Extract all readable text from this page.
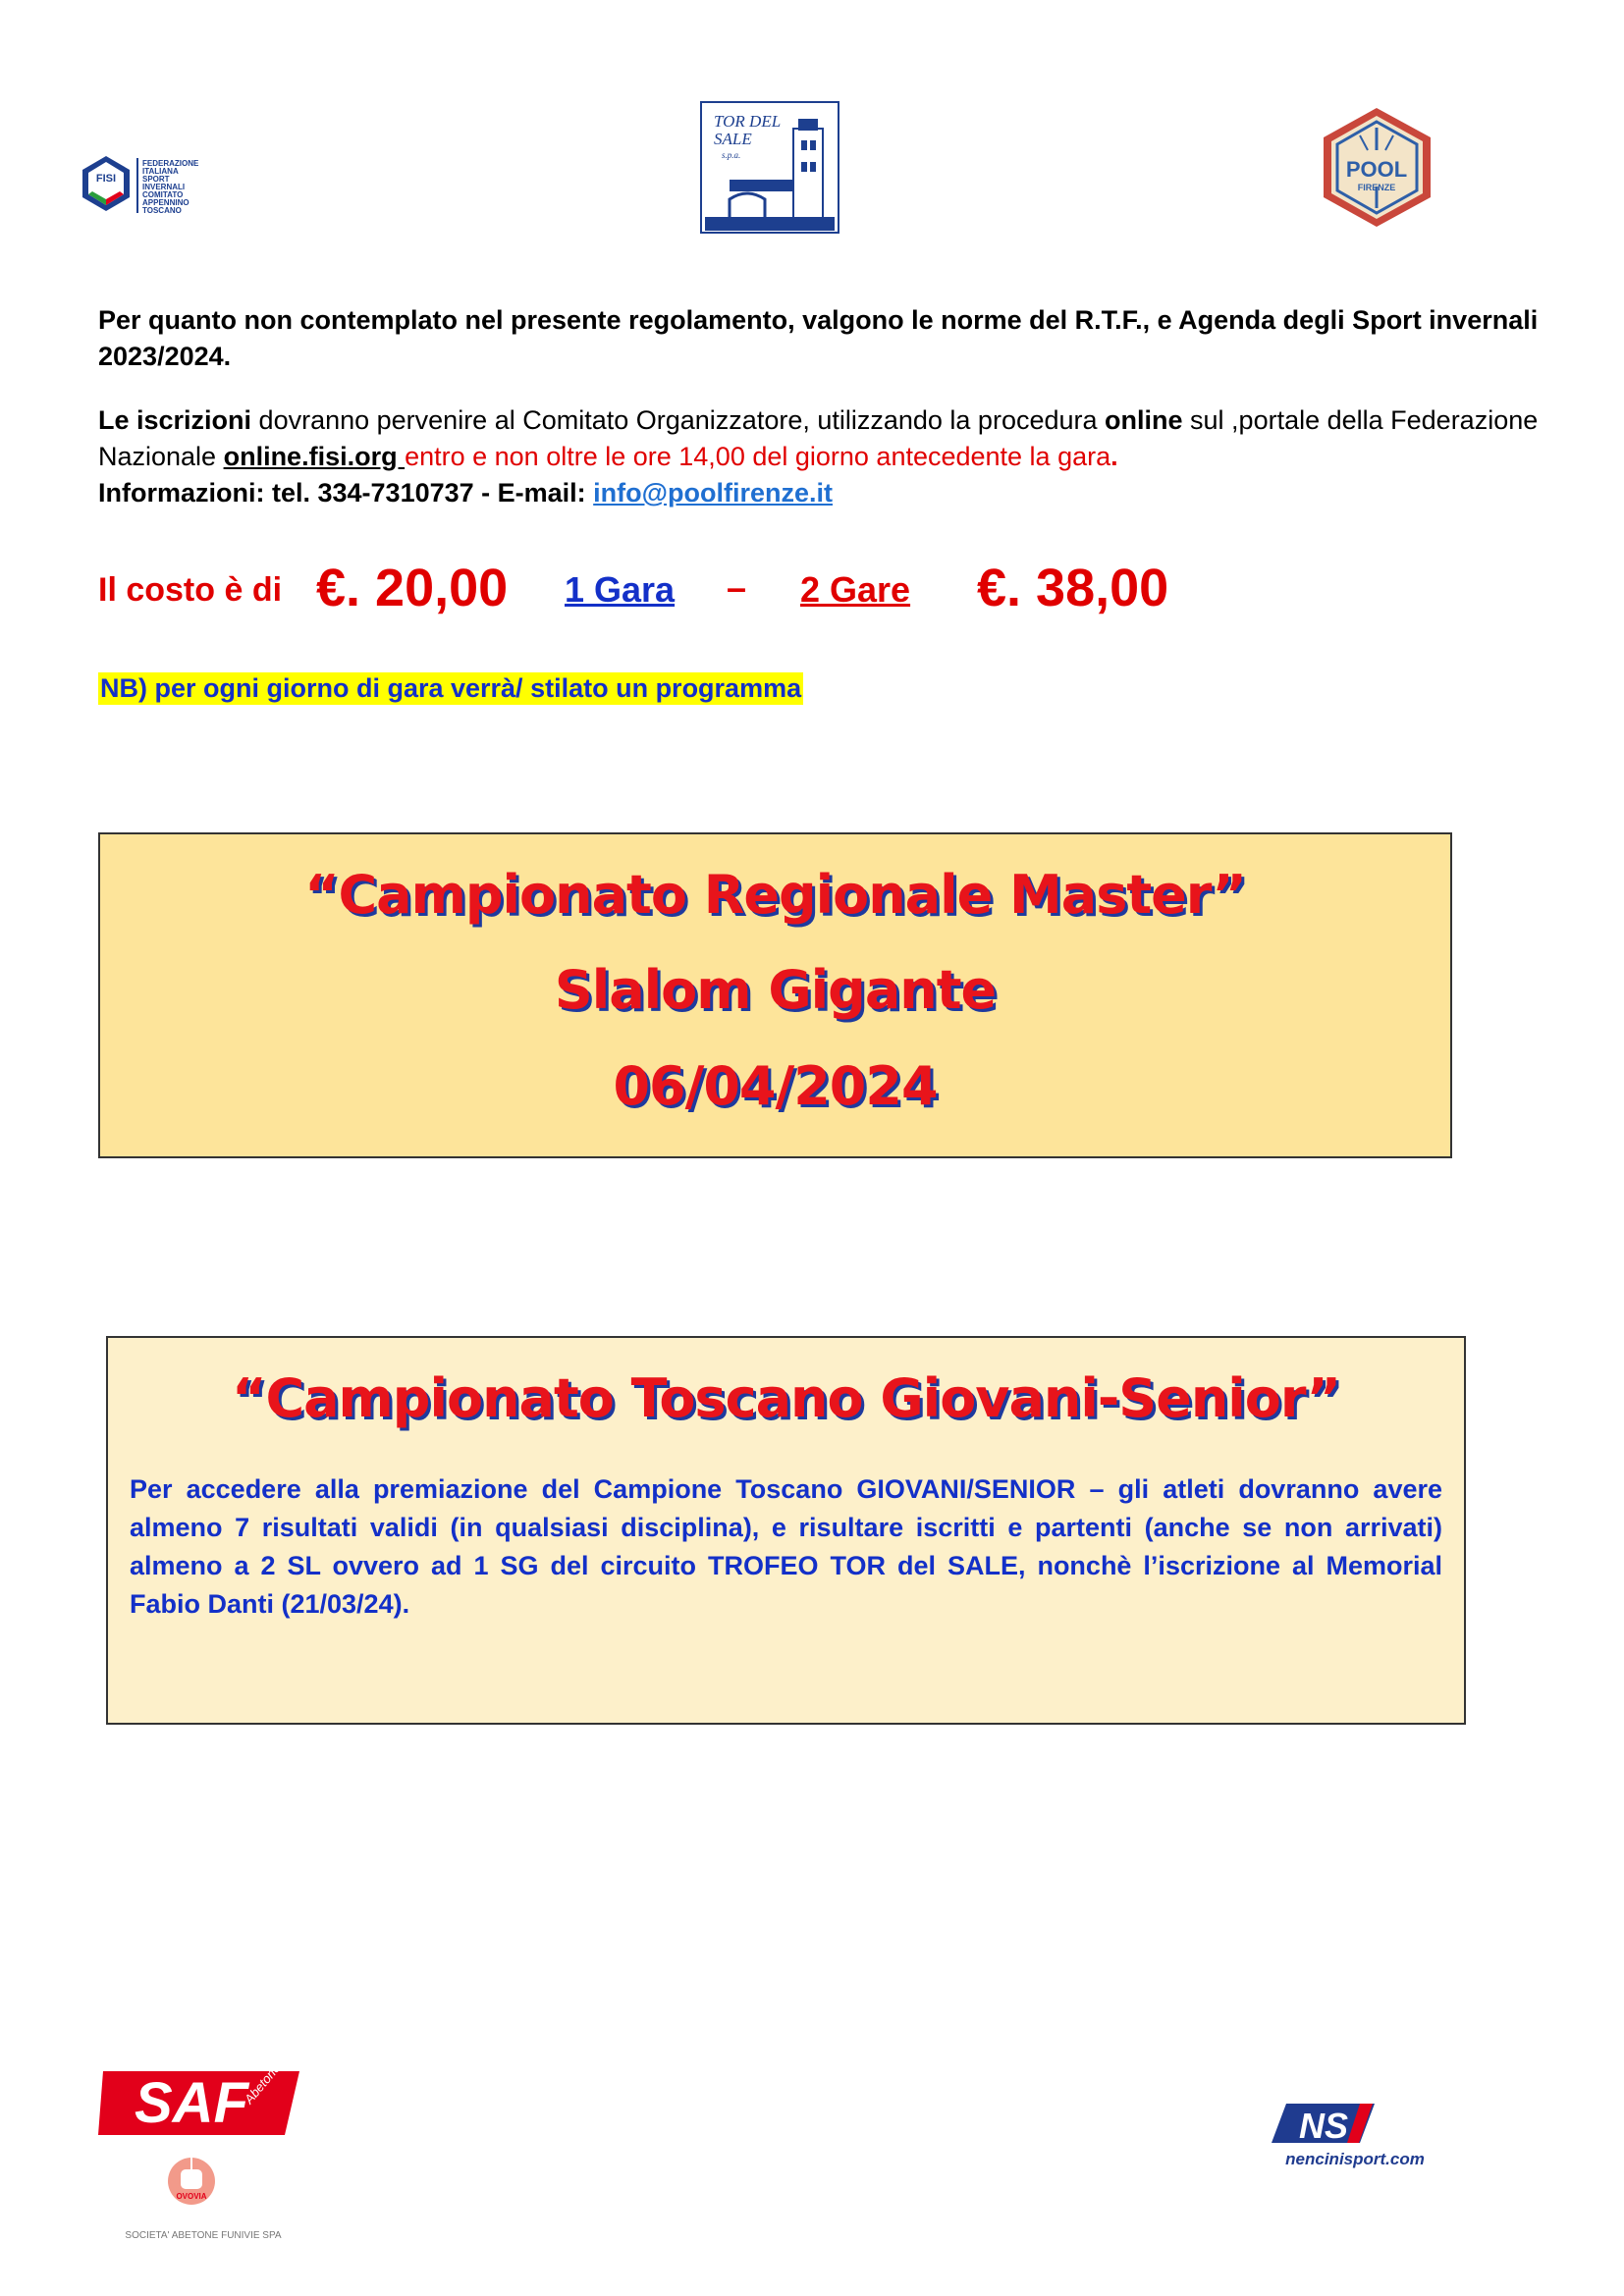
FISI
FEDERAZIONE
ITALIANA
SPORT
INVERNALI
COMITATO
APPENNINO
TOSCANO
TOR DEL
SALE
s.p.a.
POOL
FIRENZE
Per quanto non contemplato nel presente regolamento, valgono le norme del R.T.F., e Agenda degli Sport invernali 2023/2024.
Le iscrizioni dovranno pervenire al Comitato Organizzatore, utilizzando la procedura online sul ,portale della Federazione Nazionale online.fisi.org entro e non oltre le ore 14,00 del giorno antecedente la gara.
Informazioni: tel. 334-7310737 - E-mail: info@poolfirenze.it
Il costo è di €. 20,00 1 Gara – 2 Gare €. 38,00
NB) per ogni giorno di gara verrà/ stilato un programma
“Campionato Regionale Master”
Slalom Gigante
06/04/2024
“Campionato Toscano Giovani-Senior”
Per accedere alla premiazione del Campione Toscano GIOVANI/SENIOR – gli atleti dovranno avere almeno 7 risultati validi (in qualsiasi disciplina), e risultare iscritti e partenti (anche se non arrivati) almeno a 2 SL ovvero ad 1 SG del circuito TROFEO TOR del SALE, nonchè l’iscrizione al Memorial Fabio Danti (21/03/24).
SAF
Abetone
OVOVIA
SOCIETA' ABETONE FUNIVIE SPA
NS
nencinisport.com
